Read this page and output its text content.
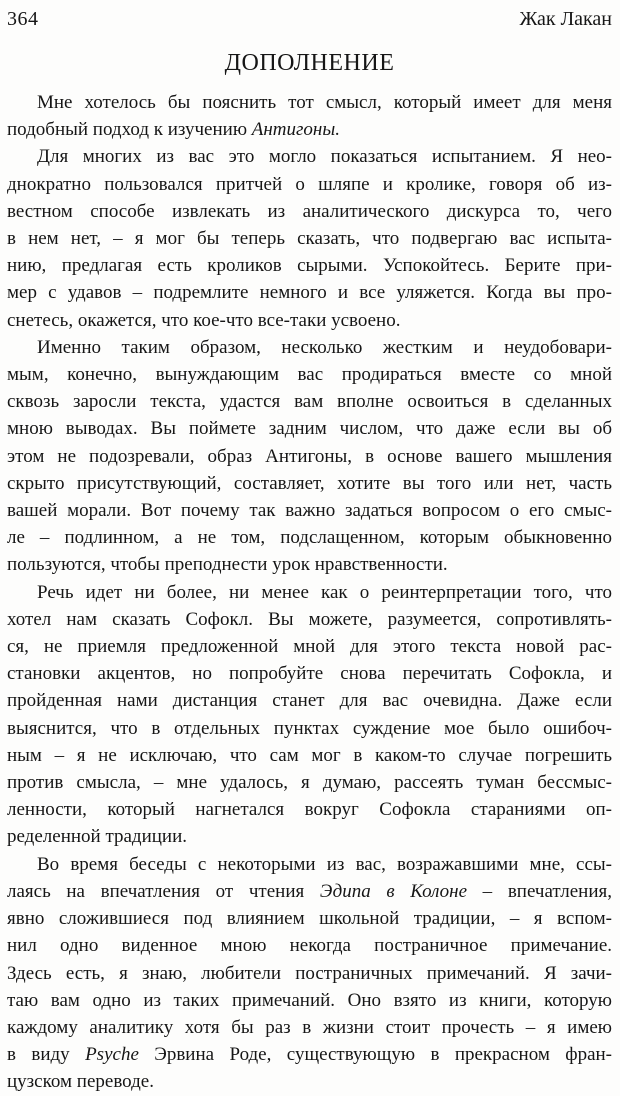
364	Жак Лакан
ДОПОЛНЕНИЕ

Мне хотелось бы пояснить тот смысл, который имеет для меня
подобный подход к изучению Антигоны.

Для многих из вас это могло показаться испытанием. Я нео-
днократно пользовался притчей о шляпе и кролике, говоря об из-
вестном способе извлекать из аналитического дискурса то, чего
в нем нет, – я мог бы теперь сказать, что подвергаю вас испыта-
нию, предлагая есть кроликов сырыми. Успокойтесь. Берите при-
мер с удавов – подремлите немного и все уляжется. Когда вы про-
снетесь, окажется, что кое-что все-таки усвоено.

Именно таким образом, несколько жестким и неудобовари-
мым, конечно, вынуждающим вас продираться вместе со мной
сквозь заросли текста, удастся вам вполне освоиться в сделанных
мною выводах. Вы поймете задним числом, что даже если вы об
этом не подозревали, образ Антигоны, в основе вашего мышления
скрыто присутствующий, составляет, хотите вы того или нет, часть
вашей морали. Вот почему так важно задаться вопросом о его смыс-
ле – подлинном, а не том, подслащенном, которым обыкновенно
пользуются, чтобы преподнести урок нравственности.

Речь идет ни более, ни менее как о реинтерпретации того, что
хотел нам сказать Софокл. Вы можете, разумеется, сопротивлять-
ся, не приемля предложенной мной для этого текста новой рас-
становки акцентов, но попробуйте снова перечитать Софокла, и
пройденная нами дистанция станет для вас очевидна. Даже если
выяснится, что в отдельных пунктах суждение мое было ошибоч-
ным – я не исключаю, что сам мог в каком-то случае погрешить
против смысла, – мне удалось, я думаю, рассеять туман бессмыс-
ленности, который нагнетался вокруг Софокла стараниями оп-
ределенной традиции.

Во время беседы с некоторыми из вас, возражавшими мне, ссы-
лаясь на впечатления от чтения Эдипа в Колоне – впечатления,
явно сложившиеся под влиянием школьной традиции, – я вспом-
нил одно виденное мною некогда постраничное примечание.
Здесь есть, я знаю, любители постраничных примечаний. Я зачи-
таю вам одно из таких примечаний. Оно взято из книги, которую
каждому аналитику хотя бы раз в жизни стоит прочесть – я имею
в виду Psyche Эрвина Роде, существующую в прекрасном фран-
цузском переводе.
